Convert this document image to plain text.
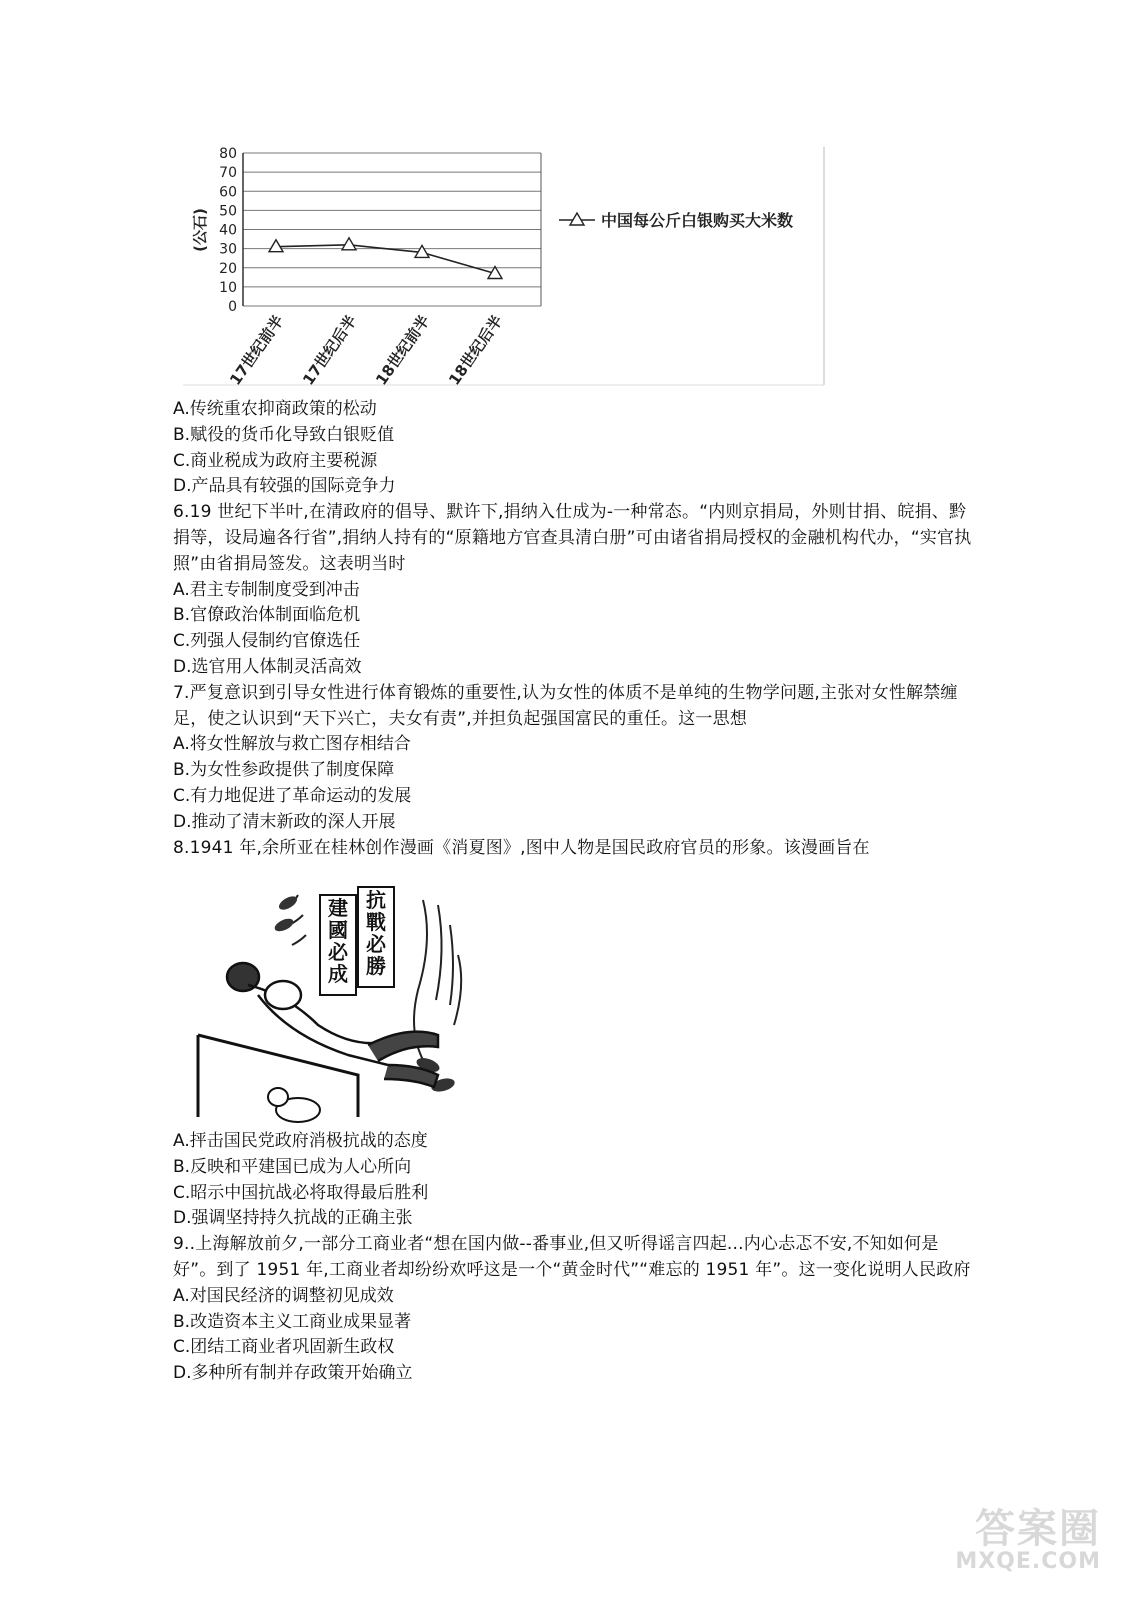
0
10
20
30
40
50
60
70
80
(公石)
17世纪前半 17世纪后半 18世纪前半 18世纪后半
中国每公斤白银购买大米数

A.传统重农抑商政策的松动

B.赋役的货币化导致白银贬值

C.商业税成为政府主要税源

D.产品具有较强的国际竞争力

6.19 世纪下半叶,在清政府的倡导、默许下,捐纳入仕成为-一种常态。“内则京捐局，外则甘捐、皖捐、黔捐等，设局遍各行省”,捐纳人持有的“原籍地方官查具清白册”可由诸省捐局授权的金融机构代办，“实官执照”由省捐局签发。这表明当时

A.君主专制制度受到冲击

B.官僚政治体制面临危机

C.列强人侵制约官僚选任

D.选官用人体制灵活高效

7.严复意识到引导女性进行体育锻炼的重要性,认为女性的体质不是单纯的生物学问题,主张对女性解禁缠足，使之认识到“天下兴亡，夫女有责”,并担负起强国富民的重任。这一思想

A.将女性解放与救亡图存相结合

B.为女性参政提供了制度保障

C.有力地促进了革命运动的发展

D.推动了清末新政的深人开展

8.1941 年,余所亚在桂林创作漫画《消夏图》,图中人物是国民政府官员的形象。该漫画旨在

建國必成
抗戰必勝

A.抨击国民党政府消极抗战的态度

B.反映和平建国已成为人心所向

C.昭示中国抗战必将取得最后胜利

D.强调坚持持久抗战的正确主张

9..上海解放前夕,一部分工商业者“想在国内做--番事业,但又听得谣言四起...内心忐忑不安,不知如何是好”。到了 1951 年,工商业者却纷纷欢呼这是一个“黄金时代”“难忘的 1951 年”。这一变化说明人民政府

A.对国民经济的调整初见成效

B.改造资本主义工商业成果显著

C.团结工商业者巩固新生政权

D.多种所有制并存政策开始确立

答案圈
MXQE.COM
